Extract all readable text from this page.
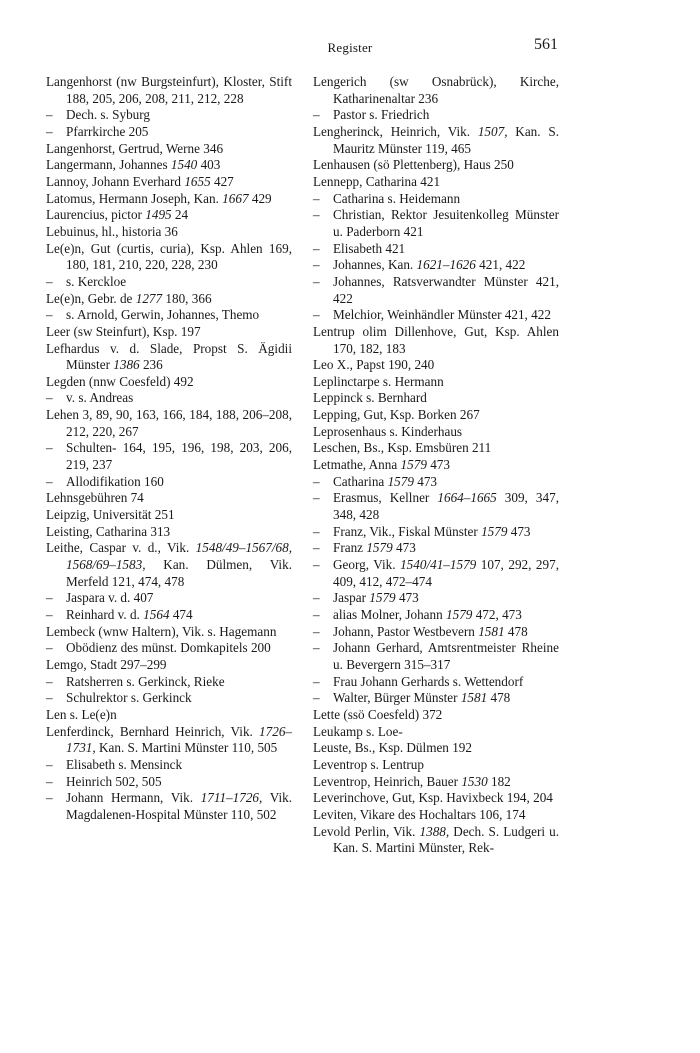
Register	561
Langenhorst (nw Burgsteinfurt), Kloster, Stift 188, 205, 206, 208, 211, 212, 228
– Dech. s. Syburg
– Pfarrkirche 205
Langenhorst, Gertrud, Werne 346
Langermann, Johannes 1540 403
Lannoy, Johann Everhard 1655 427
Latomus, Hermann Joseph, Kan. 1667 429
Laurencius, pictor 1495 24
Lebuinus, hl., historia 36
Le(e)n, Gut (curtis, curia), Ksp. Ahlen 169, 180, 181, 210, 220, 228, 230
– s. Kerckloe
Le(e)n, Gebr. de 1277 180, 366
– s. Arnold, Gerwin, Johannes, Themo
Leer (sw Steinfurt), Ksp. 197
Lefhardus v. d. Slade, Propst S. Ägidii Münster 1386 236
Legden (nnw Coesfeld) 492
– v. s. Andreas
Lehen 3, 89, 90, 163, 166, 184, 188, 206–208, 212, 220, 267
– Schulten- 164, 195, 196, 198, 203, 206, 219, 237
– Allodifikation 160
Lehnsgebühren 74
Leipzig, Universität 251
Leisting, Catharina 313
Leithe, Caspar v. d., Vik. 1548/49–1567/68, 1568/69–1583, Kan. Dülmen, Vik. Merfeld 121, 474, 478
– Jaspara v. d. 407
– Reinhard v. d. 1564 474
Lembeck (wnw Haltern), Vik. s. Hagemann
– Obödienz des münst. Domkapitels 200
Lemgo, Stadt 297–299
– Ratsherren s. Gerkinck, Rieke
– Schulrektor s. Gerkinck
Len s. Le(e)n
Lenferdinck, Bernhard Heinrich, Vik. 1726–1731, Kan. S. Martini Münster 110, 505
– Elisabeth s. Mensinck
– Heinrich 502, 505
– Johann Hermann, Vik. 1711–1726, Vik. Magdalenen-Hospital Münster 110, 502
Lengerich (sw Osnabrück), Kirche, Katharinenaltar 236
– Pastor s. Friedrich
Lengherinck, Heinrich, Vik. 1507, Kan. S. Mauritz Münster 119, 465
Lenhausen (sö Plettenberg), Haus 250
Lennepp, Catharina 421
– Catharina s. Heidemann
– Christian, Rektor Jesuitenkolleg Münster u. Paderborn 421
– Elisabeth 421
– Johannes, Kan. 1621–1626 421, 422
– Johannes, Ratsverwandter Münster 421, 422
– Melchior, Weinhändler Münster 421, 422
Lentrup olim Dillenhove, Gut, Ksp. Ahlen 170, 182, 183
Leo X., Papst 190, 240
Leplinctarpe s. Hermann
Leppinck s. Bernhard
Lepping, Gut, Ksp. Borken 267
Leprosenhaus s. Kinderhaus
Leschen, Bs., Ksp. Emsbüren 211
Letmathe, Anna 1579 473
– Catharina 1579 473
– Erasmus, Kellner 1664–1665 309, 347, 348, 428
– Franz, Vik., Fiskal Münster 1579 473
– Franz 1579 473
– Georg, Vik. 1540/41–1579 107, 292, 297, 409, 412, 472–474
– Jaspar 1579 473
– alias Molner, Johann 1579 472, 473
– Johann, Pastor Westbevern 1581 478
– Johann Gerhard, Amtsrentmeister Rheine u. Bevergern 315–317
– Frau Johann Gerhards s. Wettendorf
– Walter, Bürger Münster 1581 478
Lette (ssö Coesfeld) 372
Leukamp s. Loe-
Leuste, Bs., Ksp. Dülmen 192
Leventrop s. Lentrup
Leventrop, Heinrich, Bauer 1530 182
Leverinchove, Gut, Ksp. Havixbeck 194, 204
Leviten, Vikare des Hochaltars 106, 174
Levold Perlin, Vik. 1388, Dech. S. Ludgeri u. Kan. S. Martini Münster, Rek-
